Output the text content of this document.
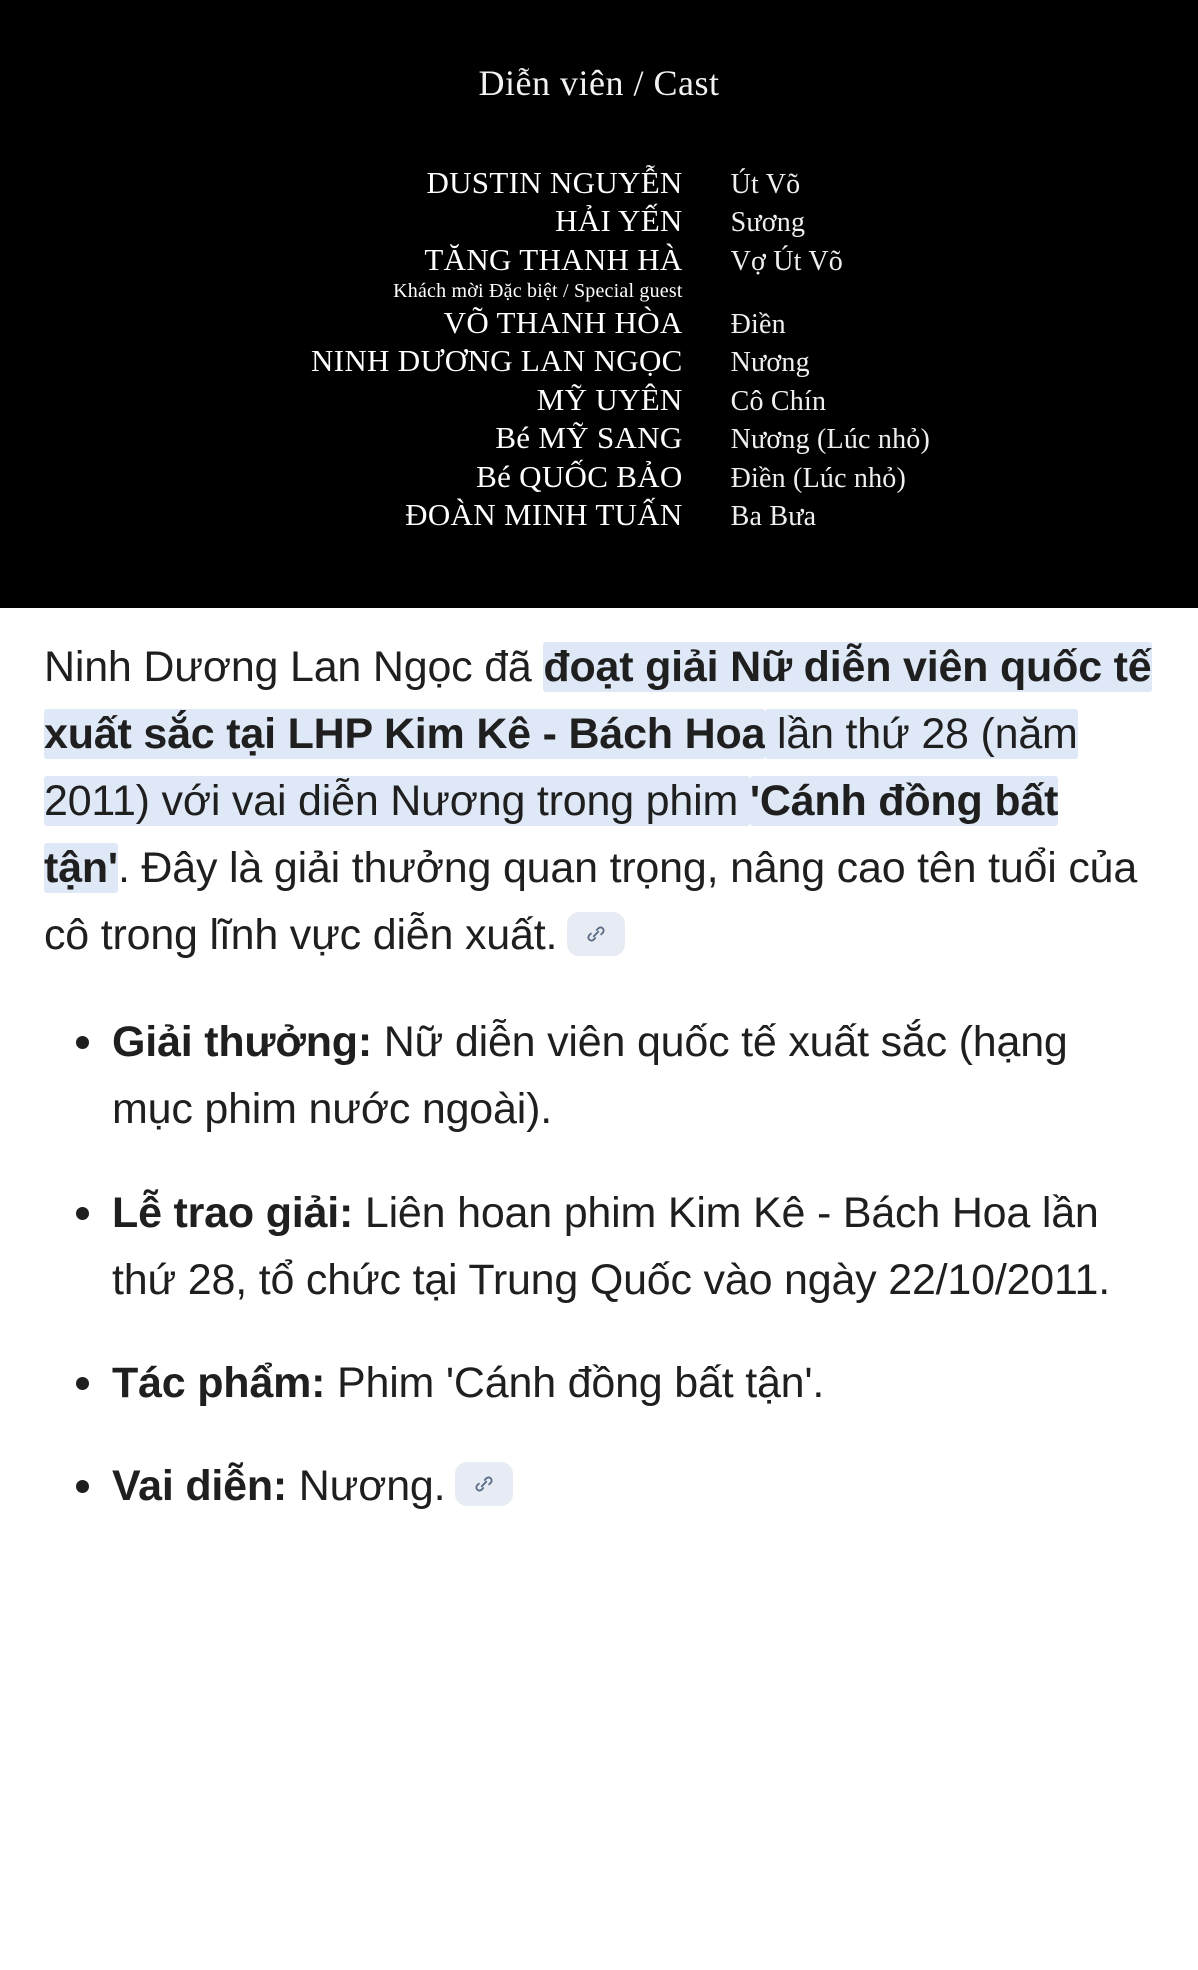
Diễn viên / Cast
DUSTIN NGUYỄN	Út Võ
HẢI YẾN	Sương
TĂNG THANH HÀ	Vợ Út Võ
Khách mời Đặc biệt / Special guest	
VÕ THANH HÒA	Điền
NINH DƯƠNG LAN NGỌC	Nương
MỸ UYÊN	Cô Chín
Bé MỸ SANG	Nương (Lúc nhỏ)
Bé QUỐC BẢO	Điền (Lúc nhỏ)
ĐOÀN MINH TUẤN	Ba Bưa

Ninh Dương Lan Ngọc đã đoạt giải Nữ diễn viên quốc tế xuất sắc tại LHP Kim Kê - Bách Hoa lần thứ 28 (năm 2011) với vai diễn Nương trong phim 'Cánh đồng bất tận'. Đây là giải thưởng quan trọng, nâng cao tên tuổi của cô trong lĩnh vực diễn xuất.

Giải thưởng: Nữ diễn viên quốc tế xuất sắc (hạng mục phim nước ngoài).
Lễ trao giải: Liên hoan phim Kim Kê - Bách Hoa lần thứ 28, tổ chức tại Trung Quốc vào ngày 22/10/2011.
Tác phẩm: Phim 'Cánh đồng bất tận'.
Vai diễn: Nương.
